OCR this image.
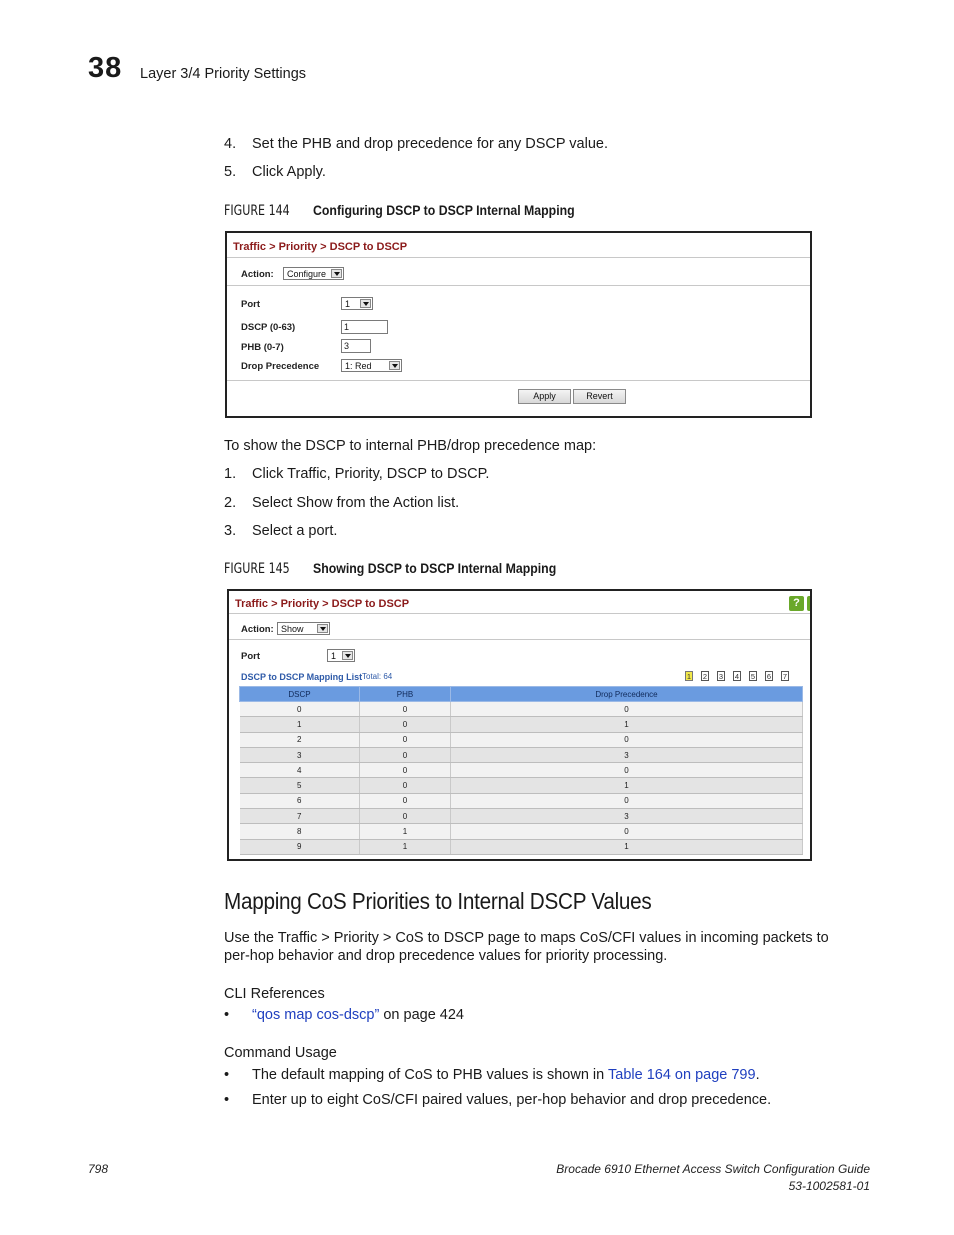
38 Layer 3/4 Priority Settings
4. Set the PHB and drop precedence for any DSCP value.
5. Click Apply.
FIGURE 144 Configuring DSCP to DSCP Internal Mapping
Traffic > Priority > DSCP to DSCP
Action:	Configure
Port	1
DSCP (0-63)	1
PHB (0-7)	3
Drop Precedence	1: Red
Apply	Revert
To show the DSCP to internal PHB/drop precedence map:
1. Click Traffic, Priority, DSCP to DSCP.
2. Select Show from the Action list.
3. Select a port.
FIGURE 145 Showing DSCP to DSCP Internal Mapping
Traffic > Priority > DSCP to DSCP	?
Action: Show
Port	1
DSCP to DSCP Mapping List Total: 64	1 2 3 4 5 6 7
DSCP	PHB	Drop Precedence
0	0	0
1	0	1
2	0	0
3	0	3
4	0	0
5	0	1
6	0	0
7	0	3
8	1	0
9	1	1
Mapping CoS Priorities to Internal DSCP Values
Use the Traffic > Priority > CoS to DSCP page to maps CoS/CFI values in incoming packets to
per-hop behavior and drop precedence values for priority processing.
CLI References
• “qos map cos-dscp” on page 424
Command Usage
• The default mapping of CoS to PHB values is shown in Table 164 on page 799.
• Enter up to eight CoS/CFI paired values, per-hop behavior and drop precedence.
798	Brocade 6910 Ethernet Access Switch Configuration Guide
53-1002581-01
